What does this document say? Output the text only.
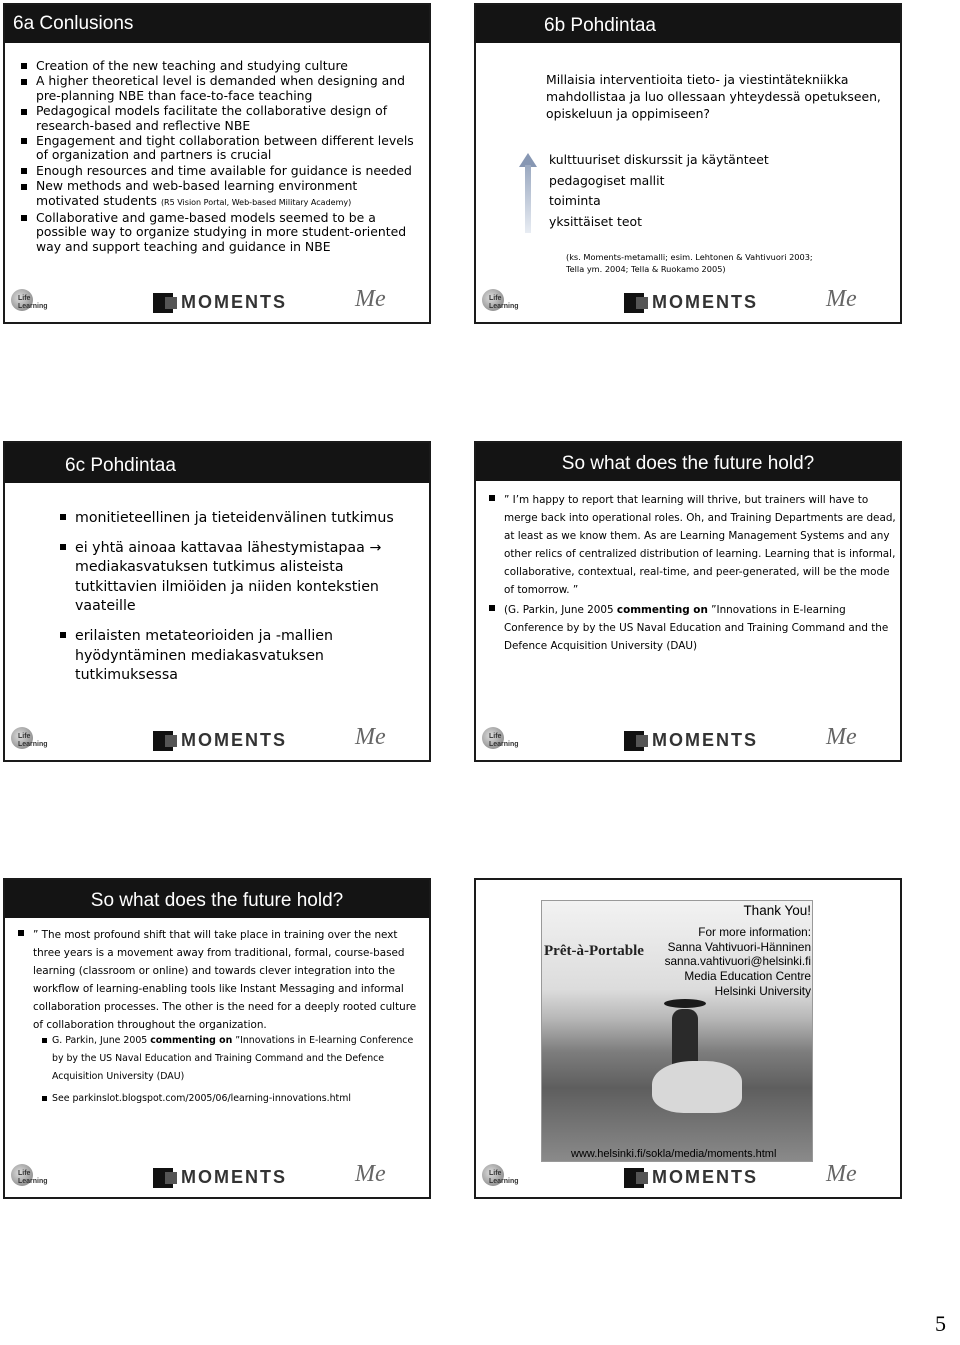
6a Conlusions
Creation of the new teaching and studying culture
A higher theoretical level is demanded when designing and pre-planning NBE than face-to-face teaching
Pedagogical models facilitate the collaborative design of research-based and reflective NBE
Engagement and tight collaboration between different levels of organization and partners is crucial
Enough resources and time available for guidance is needed
New methods and web-based learning environment motivated students (R5 Vision Portal, Web-based Military Academy)
Collaborative and game-based models seemed to be a possible way to organize studying in more student-oriented way and support teaching and guidance in NBE
Life
Learning	MOMENTS	Me
6b Pohdintaa
Millaisia interventioita tieto- ja viestintätekniikka mahdollistaa ja luo ollessaan yhteydessä opetukseen, opiskeluun ja oppimiseen?
kulttuuriset diskurssit ja käytänteet
pedagogiset mallit
toiminta
yksittäiset teot
(ks. Moments-metamalli; esim. Lehtonen & Vahtivuori 2003;
Tella ym. 2004; Tella & Ruokamo 2005)
Life
Learning	MOMENTS	Me
6c Pohdintaa
monitieteellinen ja tieteidenvälinen tutkimus
ei yhtä ainoaa kattavaa lähestymistapaa → mediakasvatuksen tutkimus alisteista tutkittavien ilmiöiden ja niiden kontekstien vaateille
erilaisten metateorioiden ja -mallien hyödyntäminen mediakasvatuksen tutkimuksessa
Life
Learning	MOMENTS	Me
So what does the future hold?
” I’m happy to report that learning will thrive, but trainers will have to merge back into operational roles. Oh, and Training Departments are dead, at least as we know them. As are Learning Management Systems and any other relics of centralized distribution of learning. Learning that is informal, collaborative, contextual, real-time, and peer-generated, will be the mode of tomorrow. ”
(G. Parkin, June 2005 commenting on ”Innovations in E-learning Conference by by the US Naval Education and Training Command and the Defence Acquisition University (DAU)
Life
Learning	MOMENTS	Me
So what does the future hold?
” The most profound shift that will take place in training over the next three years is a movement away from traditional, formal, course-based learning (classroom or online) and towards clever integration into the workflow of learning-enabling tools like Instant Messaging and informal collaboration processes. The other is the need for a deeply rooted culture of collaboration throughout the organization.
G. Parkin, June 2005 commenting on ”Innovations in E-learning Conference by by the US Naval Education and Training Command and the Defence Acquisition University (DAU)
See parkinslot.blogspot.com/2005/06/learning-innovations.html
Life
Learning	MOMENTS	Me
Prêt-à-Portable
Thank You!
For more information:
Sanna Vahtivuori-Hänninen
sanna.vahtivuori@helsinki.fi
Media Education Centre
Helsinki University
www.helsinki.fi/sokla/media/moments.html
Life
Learning	MOMENTS	Me
5
